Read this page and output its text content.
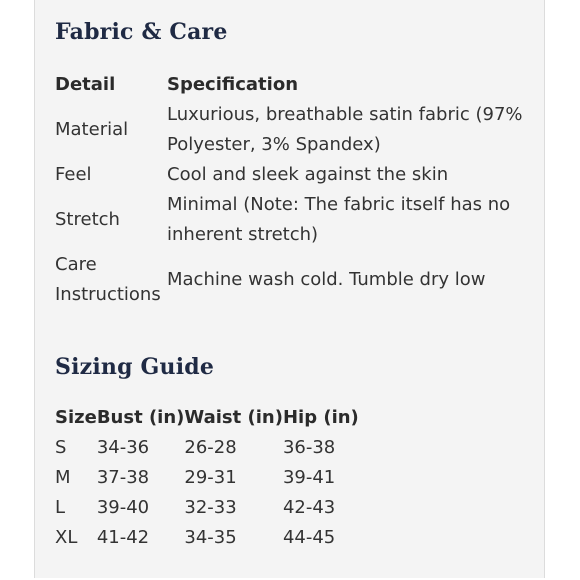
Fabric & Care
Detail	Specification
Material	Luxurious, breathable satin fabric (97% Polyester, 3% Spandex)
Feel	Cool and sleek against the skin
Stretch	Minimal (Note: The fabric itself has no inherent stretch)
Care Instructions	Machine wash cold. Tumble dry low
Sizing Guide
Size	Bust (in)	Waist (in)	Hip (in)
S	34-36	26-28	36-38
M	37-38	29-31	39-41
L	39-40	32-33	42-43
XL	41-42	34-35	44-45
